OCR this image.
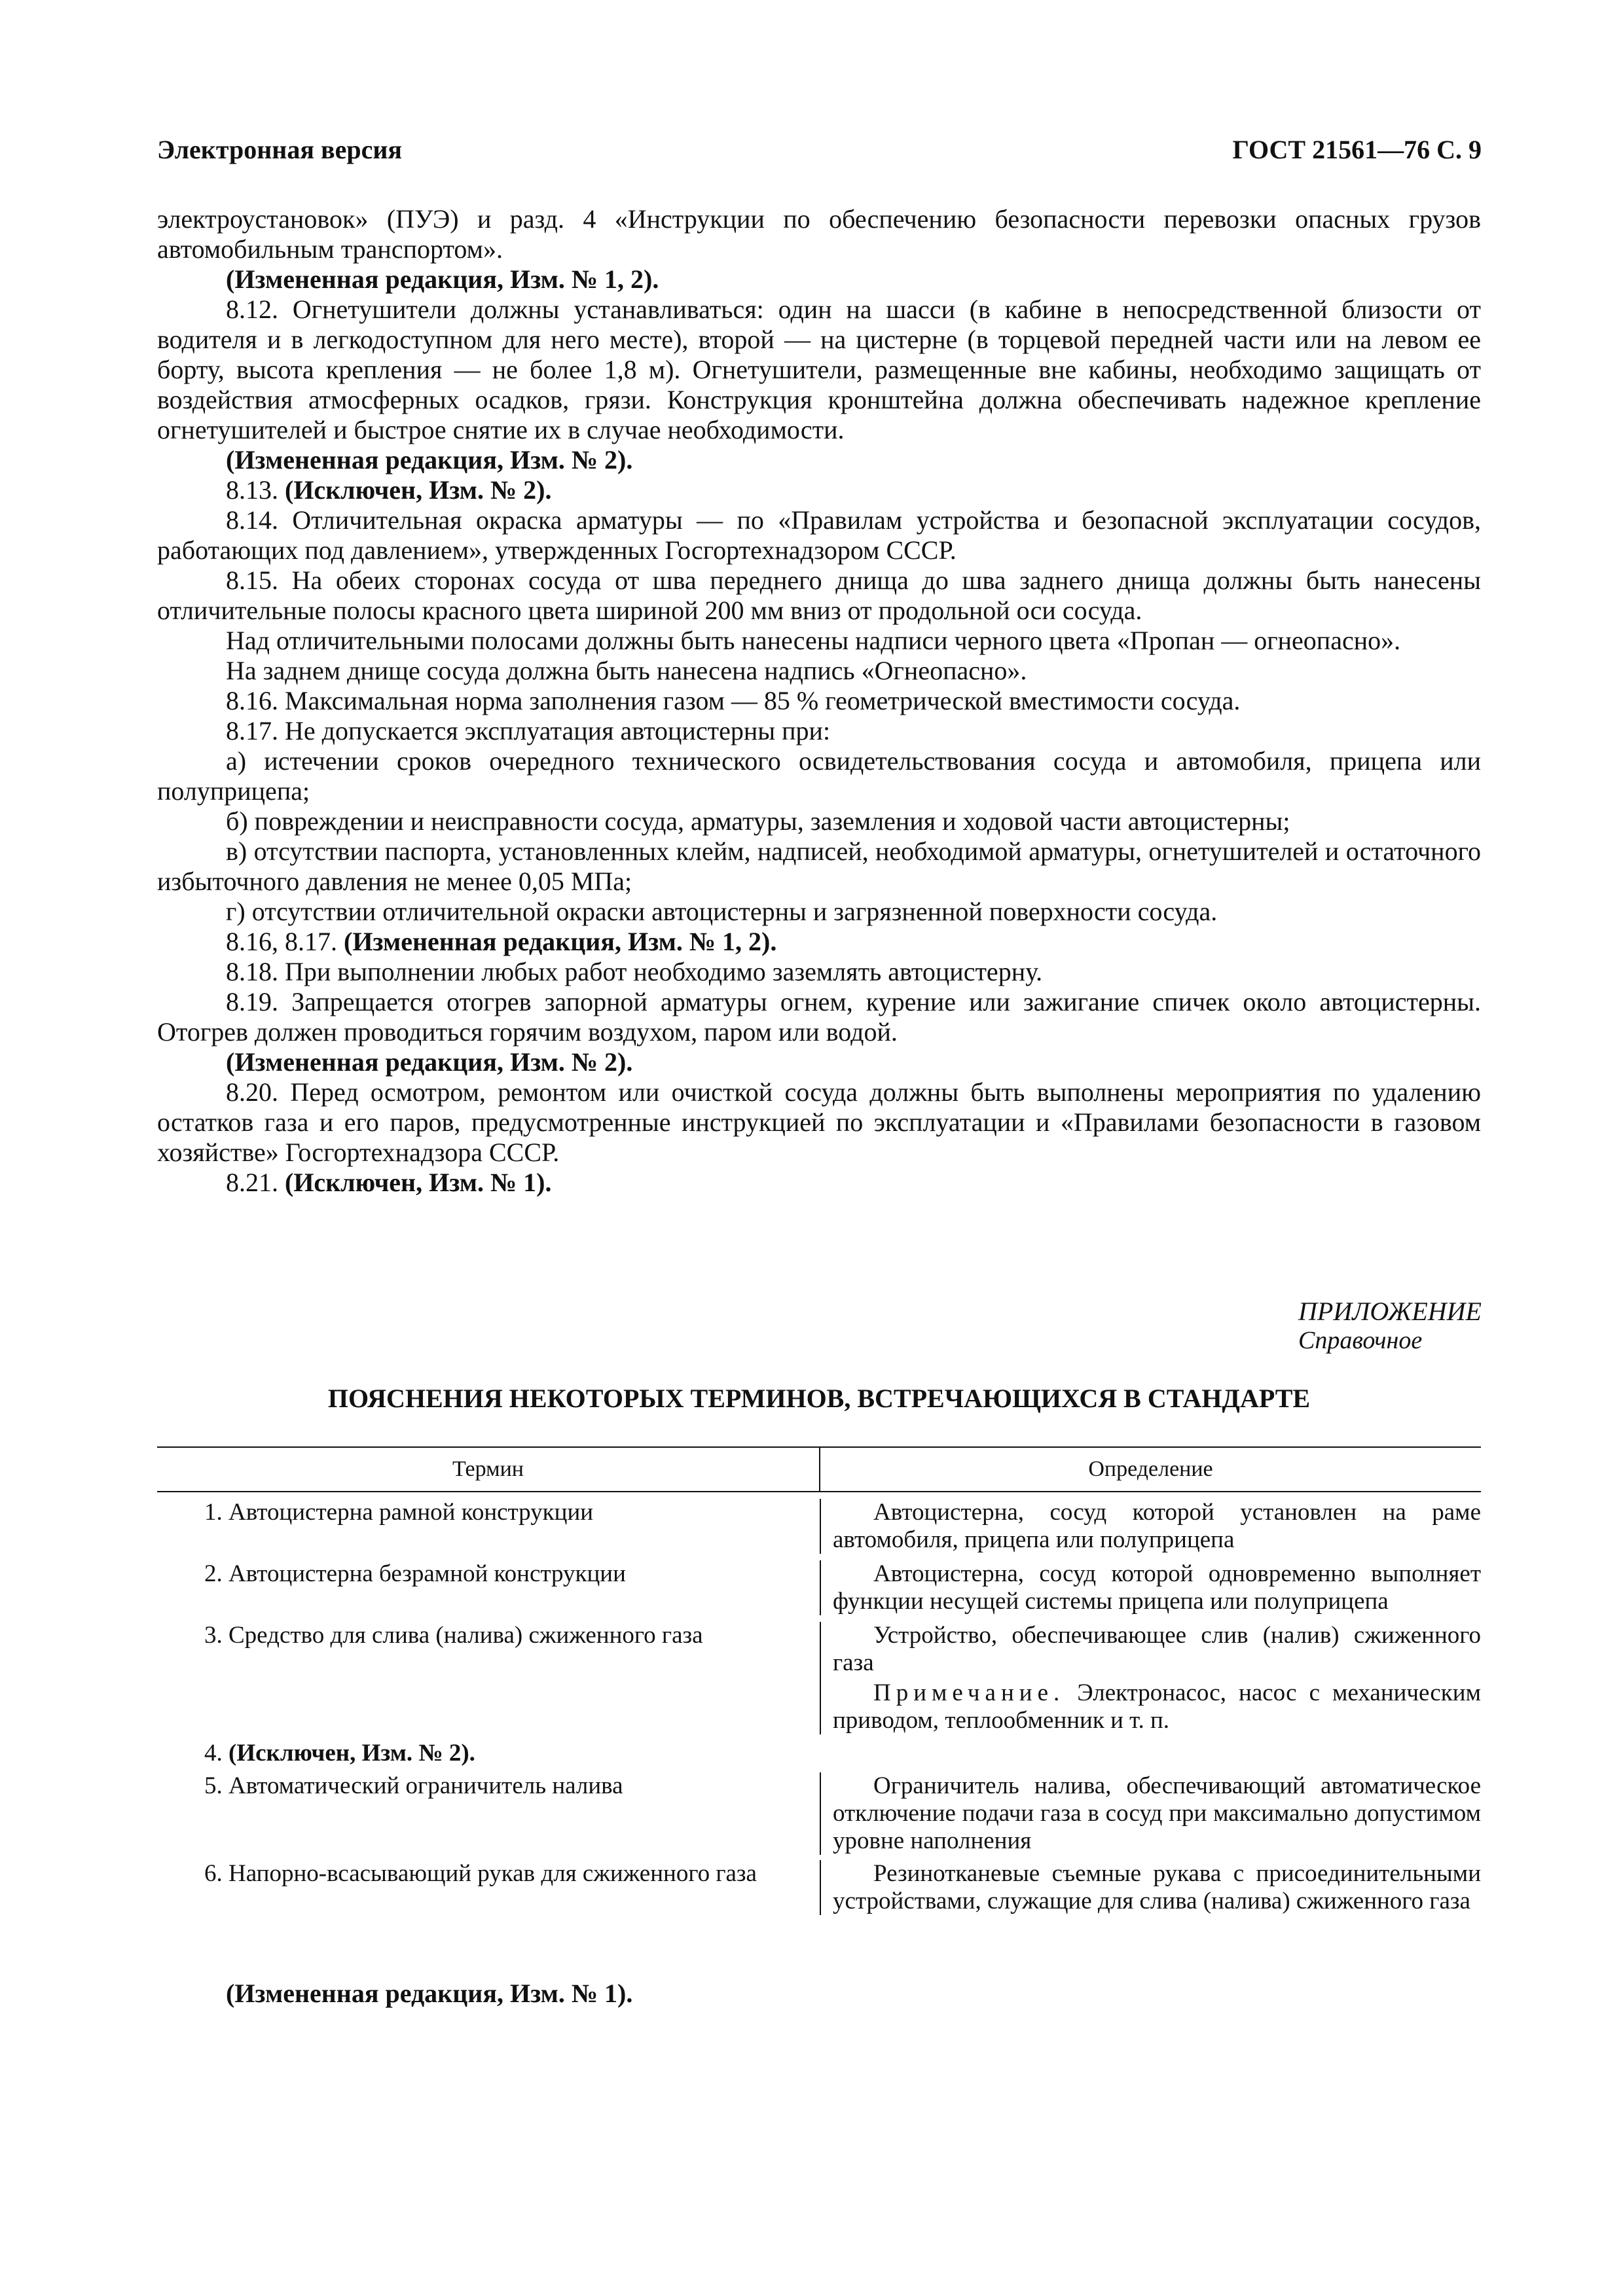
Электронная версия	ГОСТ 21561—76 С. 9

электроустановок» (ПУЭ) и разд. 4 «Инструкции по обеспечению безопасности перевозки опасных грузов автомобильным транспортом».

(Измененная редакция, Изм. № 1, 2).

8.12. Огнетушители должны устанавливаться: один на шасси (в кабине в непосредственной близости от водителя и в легкодоступном для него месте), второй — на цистерне (в торцевой передней части или на левом ее борту, высота крепления — не более 1,8 м). Огнетушители, размещенные вне кабины, необходимо защищать от воздействия атмосферных осадков, грязи. Конструкция кронштейна должна обеспечивать надежное крепление огнетушителей и быстрое снятие их в случае необходимости.

(Измененная редакция, Изм. № 2).

8.13. (Исключен, Изм. № 2).

8.14. Отличительная окраска арматуры — по «Правилам устройства и безопасной эксплуатации сосудов, работающих под давлением», утвержденных Госгортехнадзором СССР.

8.15. На обеих сторонах сосуда от шва переднего днища до шва заднего днища должны быть нанесены отличительные полосы красного цвета шириной 200 мм вниз от продольной оси сосуда.

Над отличительными полосами должны быть нанесены надписи черного цвета «Пропан — огнеопасно».

На заднем днище сосуда должна быть нанесена надпись «Огнеопасно».

8.16. Максимальная норма заполнения газом — 85 % геометрической вместимости сосуда.

8.17. Не допускается эксплуатация автоцистерны при:

а) истечении сроков очередного технического освидетельствования сосуда и автомобиля, прицепа или полуприцепа;

б) повреждении и неисправности сосуда, арматуры, заземления и ходовой части автоцистерны;

в) отсутствии паспорта, установленных клейм, надписей, необходимой арматуры, огнетушителей и остаточного избыточного давления не менее 0,05 МПа;

г) отсутствии отличительной окраски автоцистерны и загрязненной поверхности сосуда.

8.16, 8.17. (Измененная редакция, Изм. № 1, 2).

8.18. При выполнении любых работ необходимо заземлять автоцистерну.

8.19. Запрещается отогрев запорной арматуры огнем, курение или зажигание спичек около автоцистерны. Отогрев должен проводиться горячим воздухом, паром или водой.

(Измененная редакция, Изм. № 2).

8.20. Перед осмотром, ремонтом или очисткой сосуда должны быть выполнены мероприятия по удалению остатков газа и его паров, предусмотренные инструкцией по эксплуатации и «Правилами безопасности в газовом хозяйстве» Госгортехнадзора СССР.

8.21. (Исключен, Изм. № 1).

ПРИЛОЖЕНИЕ
Справочное
ПОЯСНЕНИЯ НЕКОТОРЫХ ТЕРМИНОВ, ВСТРЕЧАЮЩИХСЯ В СТАНДАРТЕ
Термин	Определение
1. Автоцистерна рамной конструкции	Автоцистерна, сосуд которой установлен на раме автомобиля, прицепа или полуприцепа
2. Автоцистерна безрамной конструкции	Автоцистерна, сосуд которой одновременно выполняет функции несущей системы прицепа или полуприцепа
3. Средство для слива (налива) сжиженного газа	Устройство, обеспечивающее слив (налив) сжиженного газа
Примечание. Электронасос, насос с механическим приводом, теплообменник и т. п.
4. (Исключен, Изм. № 2).
5. Автоматический ограничитель налива	Ограничитель налива, обеспечивающий автоматическое отключение подачи газа в сосуд при максимально допустимом уровне наполнения
6. Напорно-всасывающий рукав для сжиженного газа	Резинотканевые съемные рукава с присоединительными устройствами, служащие для слива (налива) сжиженного газа
(Измененная редакция, Изм. № 1).
